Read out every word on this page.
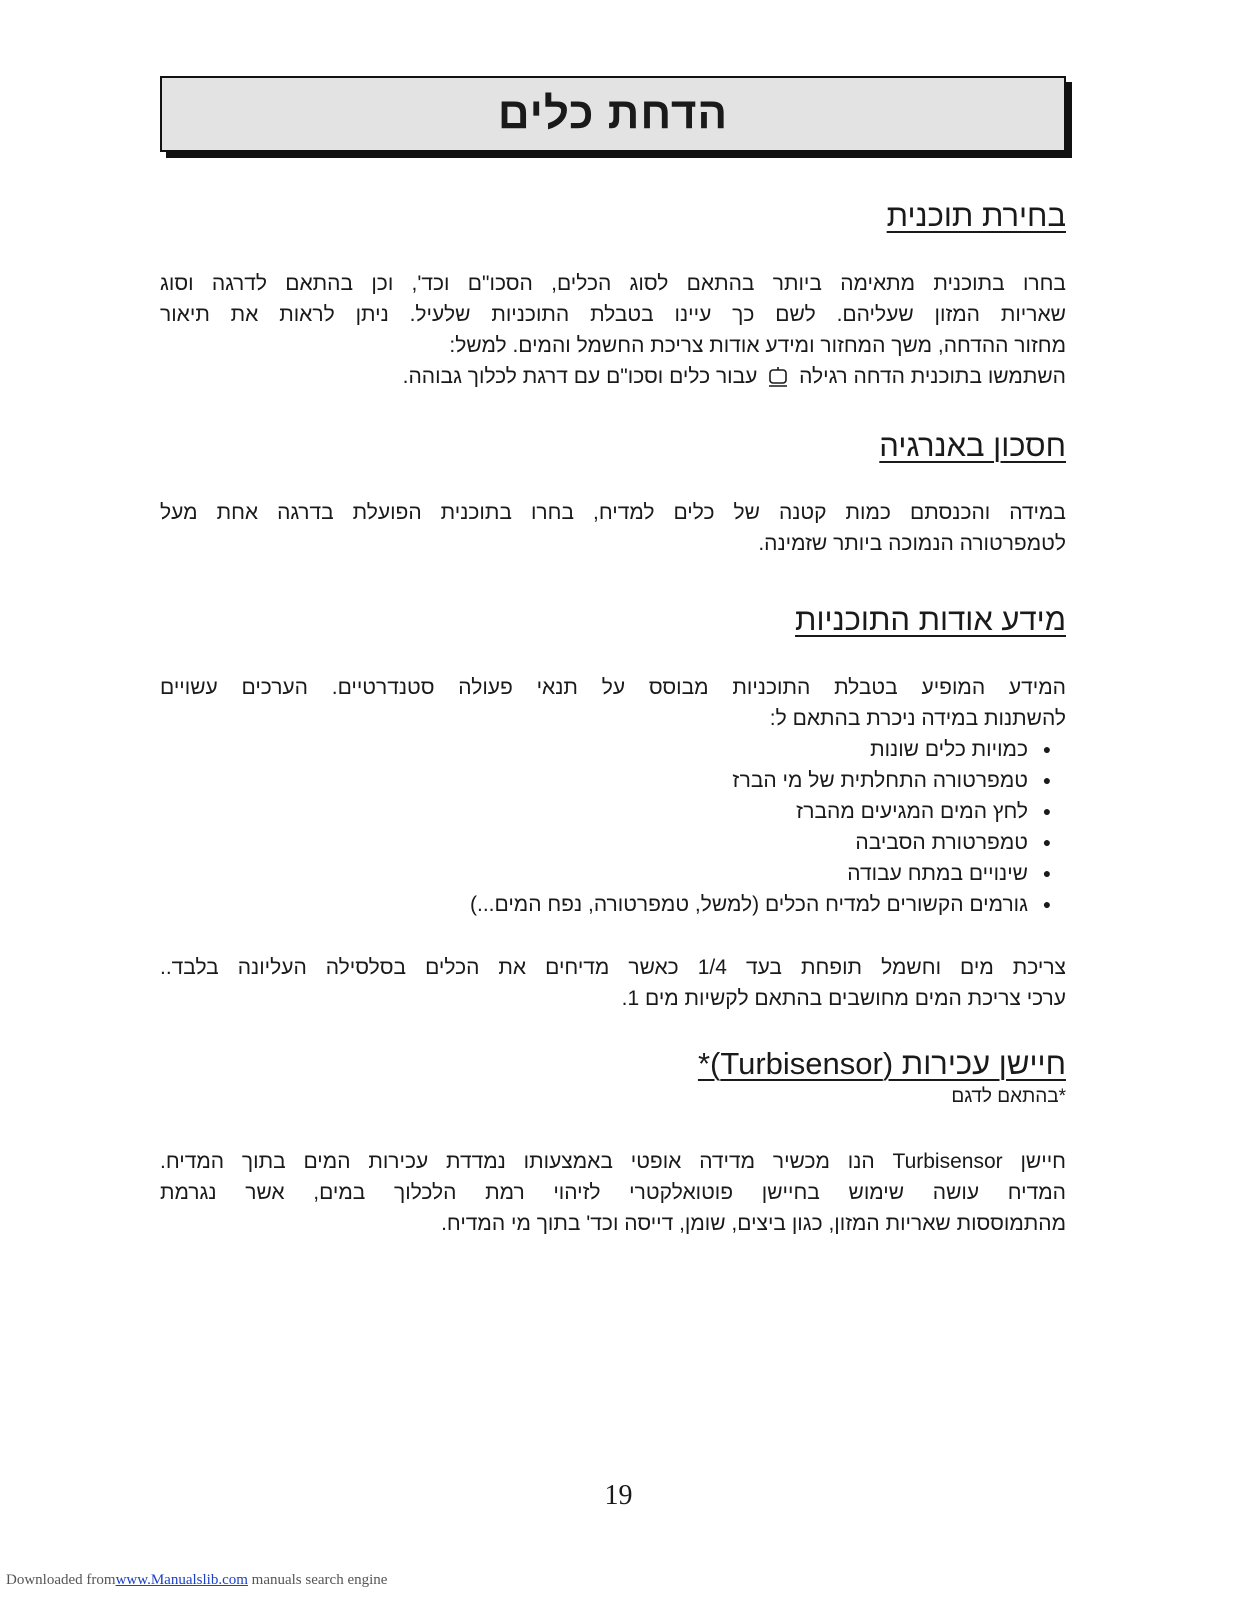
הדחת כלים
בחירת תוכנית
בחרו בתוכנית מתאימה ביותר בהתאם לסוג הכלים, הסכו"ם וכד', וכן בהתאם לדרגה וסוג
שאריות המזון שעליהם. לשם כך עיינו בטבלת התוכניות שלעיל. ניתן לראות את תיאור
מחזור ההדחה, משך המחזור ומידע אודות צריכת החשמל והמים. למשל:
השתמשו בתוכנית הדחה רגילה  עבור כלים וסכו"ם עם דרגת לכלוך גבוהה.
חסכון באנרגיה
במידה והכנסתם כמות קטנה של כלים למדיח, בחרו בתוכנית הפועלת בדרגה אחת מעל
לטמפרטורה הנמוכה ביותר שזמינה.
מידע אודות התוכניות
המידע המופיע בטבלת התוכניות מבוסס על תנאי פעולה סטנדרטיים. הערכים עשויים
להשתנות במידה ניכרת בהתאם ל:
●
כמויות כלים שונות
●
טמפרטורה התחלתית של מי הברז
●
לחץ המים המגיעים מהברז
●
טמפרטורת הסביבה
●
שינויים במתח עבודה
●
גורמים הקשורים למדיח הכלים (למשל, טמפרטורה, נפח המים...)
צריכת מים וחשמל תופחת בעד 1/4 כאשר מדיחים את הכלים בסלסילה העליונה בלבד..
ערכי צריכת המים מחושבים בהתאם לקשיות מים 1.
חיישן עכירות (Turbisensor)*

*בהתאם לדגם

חיישן Turbisensor הנו מכשיר מדידה אופטי באמצעותו נמדדת עכירות המים בתוך המדיח.
המדיח עושה שימוש בחיישן פוטואלקטרי לזיהוי רמת הלכלוך במים, אשר נגרמת
מהתמוססות שאריות המזון, כגון ביצים, שומן, דייסה וכד' בתוך מי המדיח.
19
Downloaded fromwww.Manualslib.com manuals search engine
